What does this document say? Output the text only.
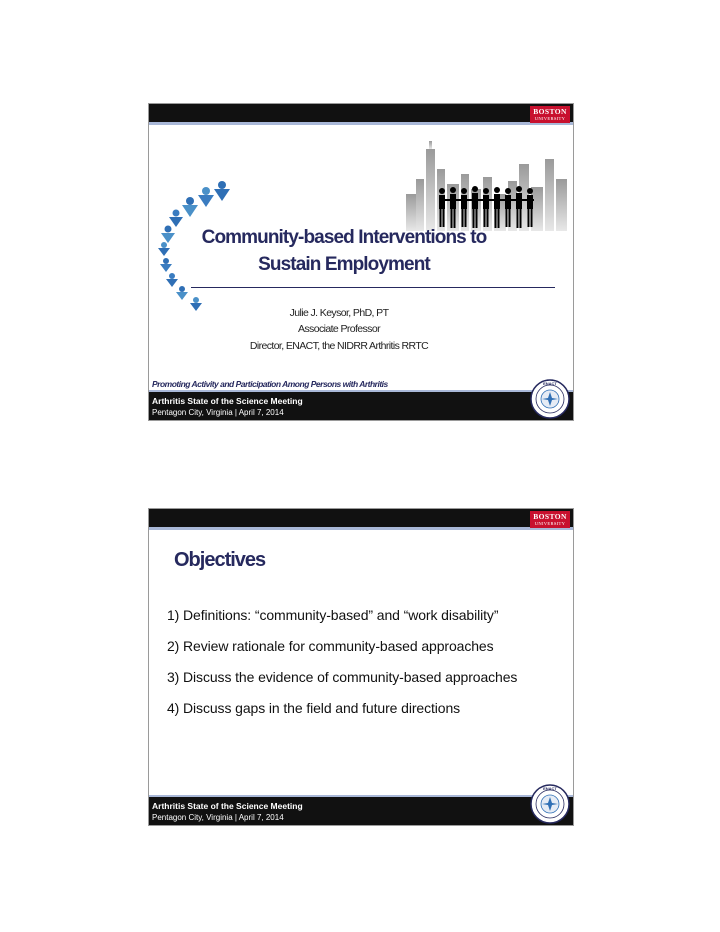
BOSTON
UNIVERSITY
Community-based Interventions to
Sustain Employment
Julie J. Keysor, PhD, PT
Associate Professor
Director, ENACT, the NIDRR Arthritis RRTC
Promoting Activity and Participation Among Persons with Arthritis
Arthritis State of the Science Meeting
Pentagon City, Virginia | April 7, 2014
ENACT
BOSTON
UNIVERSITY
Objectives
1) Definitions: “community-based” and “work disability”
2) Review rationale for community-based approaches
3) Discuss the evidence of community-based approaches
4) Discuss gaps in the field and future directions
Arthritis State of the Science Meeting
Pentagon City, Virginia | April 7, 2014
ENACT
